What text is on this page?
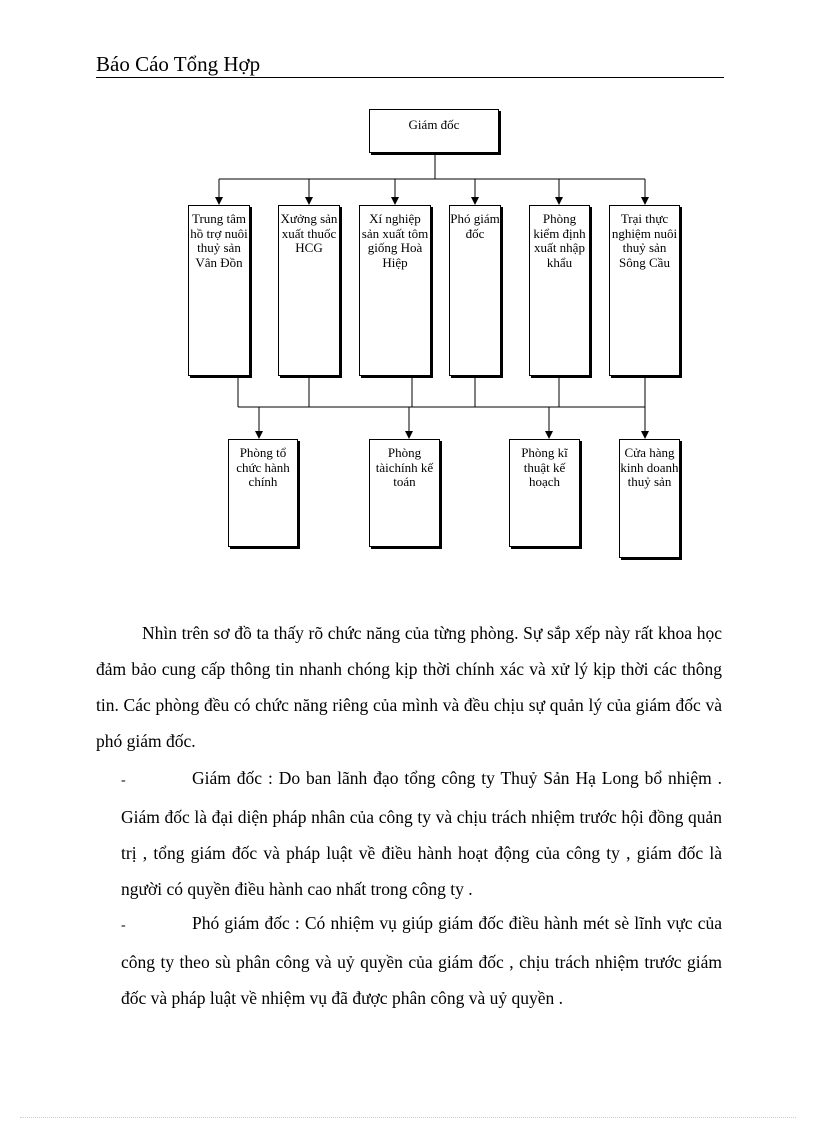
Báo Cáo Tổng Hợp
Giám đốc
Trung tâm hồ trợ nuôi thuỷ sản Vân Đồn
Xưởng sản xuất thuốc HCG
Xí nghiệp sản xuất tôm giống Hoà Hiệp
Phó giám đốc
Phòng kiểm định xuất nhập khẩu
Trại thực nghiệm nuôi thuỷ sản Sông Cầu
Phòng tổ chức hành chính
Phòng tàichính kế toán
Phòng kĩ thuật kế hoạch
Cửa hàng kinh doanh thuỷ sản

Nhìn trên sơ đồ ta thấy rõ chức năng của từng phòng. Sự sắp xếp này rất khoa học đảm bảo cung cấp thông tin nhanh chóng kịp thời chính xác và xử lý kịp thời các thông tin. Các phòng đều có chức năng riêng của mình và đều chịu sự quản lý của giám đốc và phó giám đốc.

-	Giám đốc : Do ban lãnh đạo tổng công ty Thuỷ Sản Hạ Long bổ nhiệm . Giám đốc là đại diện pháp nhân của công ty và chịu trách nhiệm trước hội đồng quản trị , tổng giám đốc và pháp luật về điều hành hoạt động của công ty , giám đốc là người có quyền điều hành cao nhất trong công ty .

-	Phó giám đốc : Có nhiệm vụ giúp giám đốc điều hành mét sè lĩnh vực của công ty theo sù phân công và uỷ quyền của giám đốc , chịu trách nhiệm trước giám đốc và pháp luật về nhiệm vụ đã được phân công và uỷ quyền .
